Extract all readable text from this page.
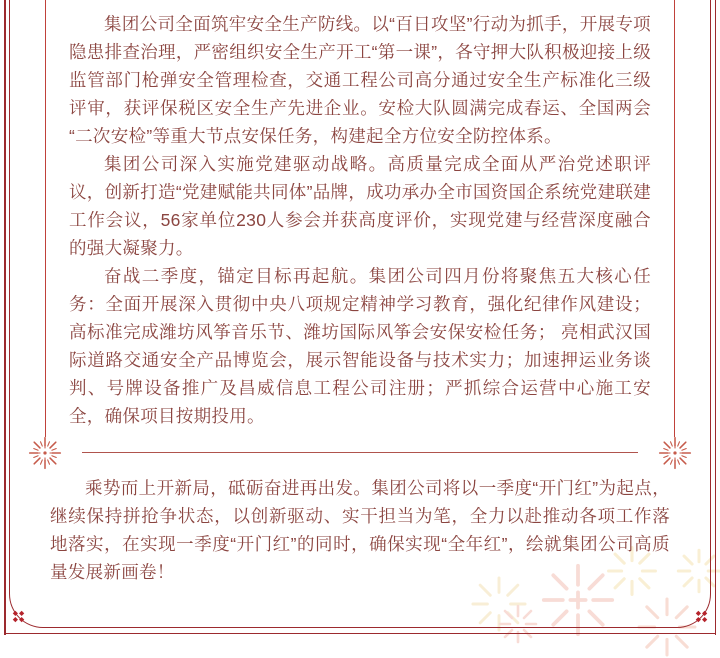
集团公司全面筑牢安全生产防线。以“百日攻坚”行动为抓手，开展专项隐患排查治理，严密组织安全生产开工“第一课”，各守押大队积极迎接上级监管部门枪弹安全管理检查，交通工程公司高分通过安全生产标准化三级评审，获评保税区安全生产先进企业。安检大队圆满完成春运、全国两会“二次安检”等重大节点安保任务，构建起全方位安全防控体系。

集团公司深入实施党建驱动战略。高质量完成全面从严治党述职评议，创新打造“党建赋能共同体”品牌，成功承办全市国资国企系统党建联建工作会议，56家单位230人参会并获高度评价，实现党建与经营深度融合的强大凝聚力。

奋战二季度，锚定目标再起航。集团公司四月份将聚焦五大核心任务：全面开展深入贯彻中央八项规定精神学习教育，强化纪律作风建设；高标准完成潍坊风筝音乐节、潍坊国际风筝会安保安检任务； 亮相武汉国际道路交通安全产品博览会，展示智能设备与技术实力；加速押运业务谈判、号牌设备推广及昌威信息工程公司注册；严抓综合运营中心施工安全，确保项目按期投用。

乘势而上开新局，砥砺奋进再出发。集团公司将以一季度“开门红”为起点，继续保持拼抢争状态，以创新驱动、实干担当为笔，全力以赴推动各项工作落地落实，在实现一季度“开门红”的同时，确保实现“全年红”，绘就集团公司高质量发展新画卷！
